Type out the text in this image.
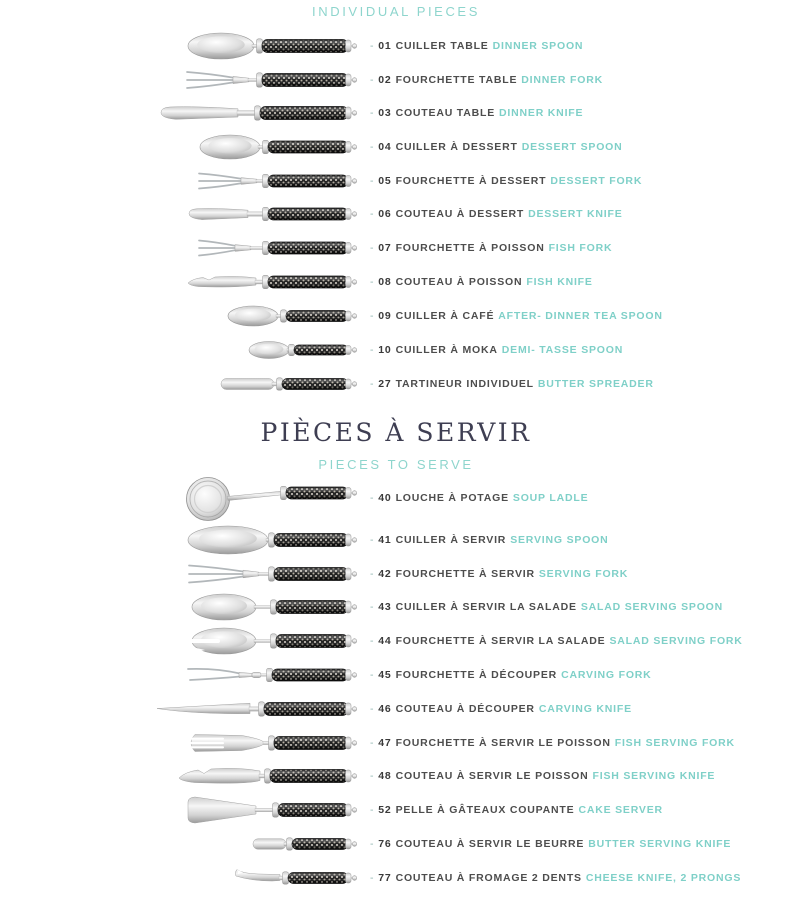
INDIVIDUAL PIECES
PIÈCES À SERVIR
PIECES TO SERVE
- 01 CUILLER TABLE DINNER SPOON
- 02 FOURCHETTE TABLE DINNER FORK
- 03 COUTEAU TABLE DINNER KNIFE
- 04 CUILLER À DESSERT DESSERT SPOON
- 05 FOURCHETTE À DESSERT DESSERT FORK
- 06 COUTEAU À DESSERT DESSERT KNIFE
- 07 FOURCHETTE À POISSON FISH FORK
- 08 COUTEAU À POISSON FISH KNIFE
- 09 CUILLER À CAFÉ AFTER- DINNER TEA SPOON
- 10 CUILLER À MOKA DEMI- TASSE SPOON
- 27 TARTINEUR INDIVIDUEL BUTTER SPREADER
- 40 LOUCHE À POTAGE SOUP LADLE
- 41 CUILLER À SERVIR SERVING SPOON
- 42 FOURCHETTE À SERVIR SERVING FORK
- 43 CUILLER À SERVIR LA SALADE SALAD SERVING SPOON
- 44 FOURCHETTE À SERVIR LA SALADE SALAD SERVING FORK
- 45 FOURCHETTE À DÉCOUPER CARVING FORK
- 46 COUTEAU À DÉCOUPER CARVING KNIFE
- 47 FOURCHETTE À SERVIR LE POISSON FISH SERVING FORK
- 48 COUTEAU À SERVIR LE POISSON FISH SERVING KNIFE
- 52 PELLE À GÂTEAUX COUPANTE CAKE SERVER
- 76 COUTEAU À SERVIR LE BEURRE BUTTER SERVING KNIFE
- 77 COUTEAU À FROMAGE 2 DENTS CHEESE KNIFE, 2 PRONGS
